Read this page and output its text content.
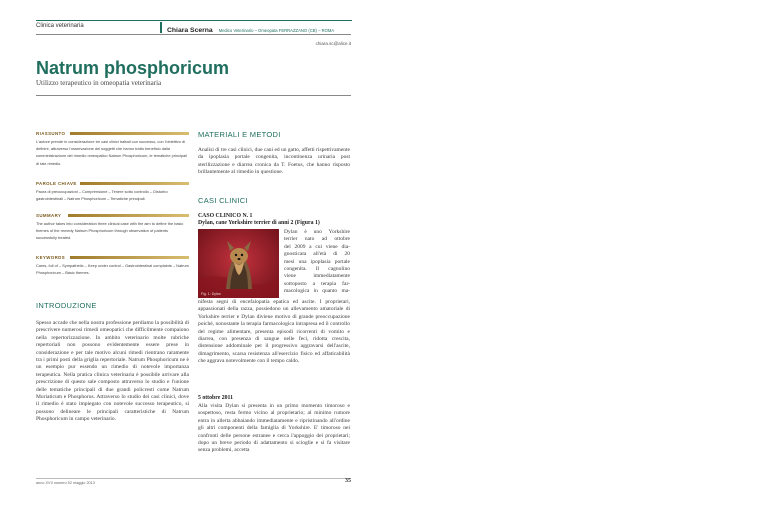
Clinica veterinaria
Chiara Scerna Medico Veterinario – Omeopata FERRAZZANO (CB) – ROMA
chiara.sc@alice.it
Natrum phosphoricum
Utilizzo terapeutico in omeopatia veterinaria
RIASSUNTO
L'autore prende in considerazione tre casi clinici trattati con successo, con l'obiettivo di definire, attraverso l'osservazione dei soggetti che hanno tratto beneficio dalla somministrazione del rimedio omeopatico Natrum Phosphoricum, le tematiche principali di tale rimedio.
PAROLE CHIAVE
Paura di preoccupazioni – Comprensione – Tenere sotto controllo – Disturbo gastrointestinali – Natrum Phosphoricum – Tematiche principali.
SUMMARY
The author takes into consideration three clinical case with the aim to define the basic themes of the remedy Natrum Phosphoricum through observation of patients successfully treated.
KEYWORDS
Cares, full of – Sympathetic – Keep under control – Gastrointestinal complaints – Natrum Phosphoricum – Basic themes.
INTRODUZIONE
Spesso accade che nella nostra professione perdiamo la possibilità di prescrivere numerosi rimedi omeopatici che difficilmente compaiono nella repertorizzazione. In ambito veterinario molte rubriche repertoriali non possono evidentemente essere prese in considerazione e per tale motivo alcuni rimedi rientrano raramente tra i primi posti della griglia repertoriale. Natrum Phosphoricum ne è un esempio pur essendo un rimedio di notevole importanza terapeutica. Nella pratica clinica veterinaria è possibile arrivare alla prescrizione di questo sale composto attraverso lo studio e l'unione delle tematiche principali di due grandi policresti come Natrum Muriaticum e Phosphorus. Attraverso lo studio dei casi clinici, dove il rimedio è stato impiegato con notevole successo terapeutico, si possono delineare le principali caratteristiche di Natrum Phosphoricum in campo veterinario.
MATERIALI E METODI
Analisi di tre casi clinici, due cani ed un gatto, affetti rispettivamente da ipoplasia portale congenita, incontinenza urinaria post sterilizzazione e diarrea cronica da T. Foetus, che hanno risposto brillantemente al rimedio in questione.
CASI CLINICI
CASO CLINICO N. 1
Dylan, cane Yorkshire terrier di anni 2 (Figura 1)
Fig. 1: Dylan
Dylan è uno Yorkshire
terrier nato ad ottobre
del 2009 a cui viene dia-
gnosticata all'età di 20
mesi una ipoplasia portale
congenita. Il cagnolino
viene immediatamente
sottoposto a terapia far-
macologica in quanto ma-
nifesta segni di encefalopatia epatica ed ascite. I proprietari, appassionati della razza, possiedono un allevamento amatoriale di Yorkshire terrier e Dylan diviene motivo di grande preoccupazione poiché, nonostante la terapia farmacologica intrapresa ed il controllo del regime alimentare, presenta episodi ricorrenti di vomito e diarrea, con presenza di sangue nelle feci, ridotta crescita, distensione addominale per il progressivo aggravarsi dell'ascite, dimagrimento, scarsa resistenza all'esercizio fisico ed affaticabilità che aggrava notevolmente con il tempo caldo.
5 ottobre 2011
Alla visita Dylan si presenta in un primo momento timoroso e sospettoso, resta fermo vicino al proprietario; al minimo rumore entra in allerta abbaiando immediatamente e ripristinando all'ordine gli altri componenti della famiglia di Yorkshire. E' timoroso nei confronti delle persone estranee e cerca l'appoggio dei proprietari; dopo un breve periodo di adattamento si scioglie e si fa visitare senza problemi, accetta
anno XVII numero 52 maggio 2013	35
